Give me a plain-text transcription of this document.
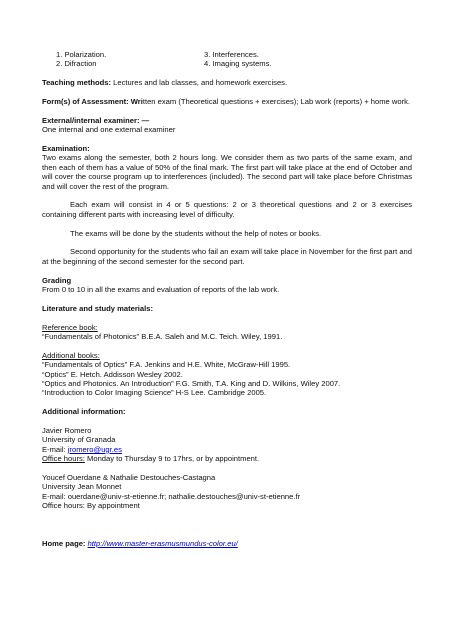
1. Polarization.
2. Difraction
3. Interferences.
4. Imaging systems.

Teaching methods: Lectures and lab classes, and homework exercises.

Form(s) of Assessment: Written exam (Theoretical questions + exercises); Lab work (reports) + home work.

External/internal examiner: —

One internal and one external examiner

Examination:

Two exams along the semester, both 2 hours long. We consider them as two parts of the same exam, and then each of them has a value of 50% of the final mark. The first part will take place at the end of October and will cover the course program up to interferences (included). The second part will take place before Christmas and will cover the rest of the program.

Each exam will consist in 4 or 5 questions: 2 or 3 theoretical questions and 2 or 3 exercises containing different parts with increasing level of difficulty.

The exams will be done by the students without the help of notes or books.

Second opportunity for the students who fail an exam will take place in November for the first part and at the beginning of the second semester for the second part.

Grading

From 0 to 10 in all the exams and evaluation of reports of the lab work.

Literature and study materials:

Reference book:

“Fundamentals of Photonics” B.E.A. Saleh and M.C. Teich. Wiley, 1991.

Additional books:

“Fundamentals of Optics” F.A. Jenkins and H.E. White, McGraw-Hill 1995.

“Optics” E. Hetch. Addisson Wesley 2002.

“Optics and Photonics. An Introduction” F.G. Smith, T.A. King and D. Wilkins, Wiley 2007.

“Introduction to Color Imaging Science” H-S Lee. Cambridge 2005.

Additional information:

Javier Romero

University of Granada

E-mail: jromero@ugr.es

Office hours: Monday to Thursday 9 to 17hrs, or by appointment.

Youcef Ouerdane & Nathalie Destouches-Castagna

University Jean Monnet

E-mail: ouerdane@univ-st-etienne.fr; nathalie.destouches@univ-st-etienne.fr

Office hours: By appointment

Home page: http://www.master-erasmusmundus-color.eu/
